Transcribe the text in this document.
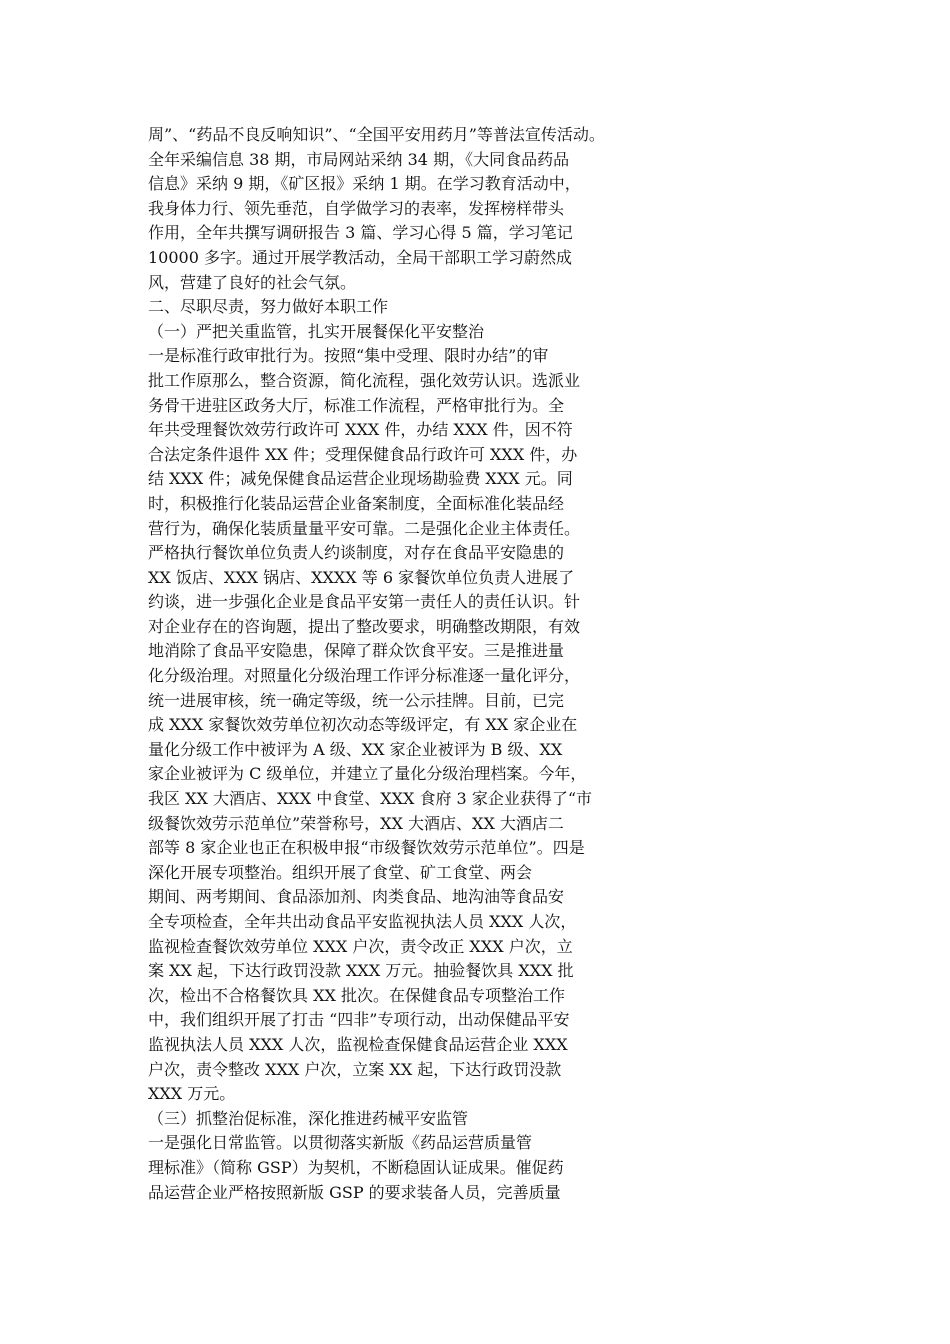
周”、“药品不良反响知识”、“全国平安用药月”等普法宣传活动。
全年采编信息 38 期，市局网站采纳 34 期，《大同食品药品
信息》采纳 9 期，《矿区报》采纳 1 期。在学习教育活动中，
我身体力行、领先垂范，自学做学习的表率，发挥榜样带头
作用，全年共撰写调研报告 3 篇、学习心得 5 篇，学习笔记
10000 多字。通过开展学教活动，全局干部职工学习蔚然成
风，营建了良好的社会气氛。
二、尽职尽责，努力做好本职工作
（一）严把关重监管，扎实开展餐保化平安整治
一是标准行政审批行为。按照“集中受理、限时办结”的审
批工作原那么，整合资源，简化流程，强化效劳认识。选派业
务骨干进驻区政务大厅，标准工作流程，严格审批行为。全
年共受理餐饮效劳行政许可 XXX 件，办结 XXX 件，因不符
合法定条件退件 XX 件；受理保健食品行政许可 XXX 件，办
结 XXX 件；减免保健食品运营企业现场勘验费 XXX 元。同
时，积极推行化装品运营企业备案制度，全面标准化装品经
营行为，确保化装质量量平安可靠。二是强化企业主体责任。
严格执行餐饮单位负责人约谈制度，对存在食品平安隐患的
XX 饭店、XXX 锅店、XXXX 等 6 家餐饮单位负责人进展了
约谈，进一步强化企业是食品平安第一责任人的责任认识。针
对企业存在的咨询题，提出了整改要求，明确整改期限，有效
地消除了食品平安隐患，保障了群众饮食平安。三是推进量
化分级治理。对照量化分级治理工作评分标准逐一量化评分，
统一进展审核，统一确定等级，统一公示挂牌。目前，已完
成 XXX 家餐饮效劳单位初次动态等级评定，有 XX 家企业在
量化分级工作中被评为 A 级、XX 家企业被评为 B 级、XX
家企业被评为 C 级单位，并建立了量化分级治理档案。今年，
我区 XX 大酒店、XXX 中食堂、XXX 食府 3 家企业获得了“市
级餐饮效劳示范单位”荣誉称号，XX 大酒店、XX 大酒店二
部等 8 家企业也正在积极申报“市级餐饮效劳示范单位”。四是
深化开展专项整治。组织开展了食堂、矿工食堂、两会
期间、两考期间、食品添加剂、肉类食品、地沟油等食品安
全专项检查，全年共出动食品平安监视执法人员 XXX 人次，
监视检查餐饮效劳单位 XXX 户次，责令改正 XXX 户次，立
案 XX 起，下达行政罚没款 XXX 万元。抽验餐饮具 XXX 批
次，检出不合格餐饮具 XX 批次。在保健食品专项整治工作
中，我们组织开展了打击 “四非”专项行动，出动保健品平安
监视执法人员 XXX 人次，监视检查保健食品运营企业 XXX
户次，责令整改 XXX 户次，立案 XX 起，下达行政罚没款
XXX 万元。
（三）抓整治促标准，深化推进药械平安监管
一是强化日常监管。以贯彻落实新版《药品运营质量管
理标准》（简称 GSP）为契机，不断稳固认证成果。催促药
品运营企业严格按照新版 GSP 的要求装备人员，完善质量
